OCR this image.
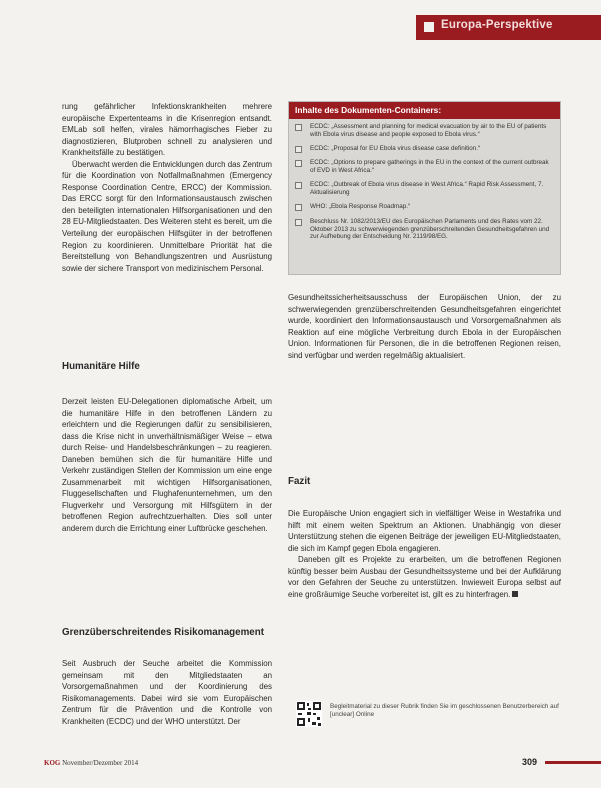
Europa-Perspektive

rung gefährlicher Infektionskrankheiten mehrere europäische Expertenteams in die Krisenregion entsandt. EMLab soll helfen, virales hämorrhagisches Fieber zu diagnostizieren, Blutproben schnell zu analysieren und Krankheitsfälle zu bestätigen.

Überwacht werden die Entwicklungen durch das Zentrum für die Koordination von Notfallmaßnahmen (Emergency Response Coordination Centre, ERCC) der Kommission. Das ERCC sorgt für den Informationsaustausch zwischen den beteiligten internationalen Hilfsorganisationen und den 28 EU-Mitgliedstaaten. Des Weiteren steht es bereit, um die Verteilung der europäischen Hilfsgüter in der betroffenen Region zu koordinieren. Unmittelbare Priorität hat die Bereitstellung von Behandlungszentren und Ausrüstung sowie der sichere Transport von medizinischem Personal.

Humanitäre Hilfe

Derzeit leisten EU-Delegationen diplomatische Arbeit, um die humanitäre Hilfe in den betroffenen Ländern zu erleichtern und die Regierungen dafür zu sensibilisieren, dass die Krise nicht in unverhältnismäßiger Weise – etwa durch Reise- und Handelsbeschränkungen – zu reagieren. Daneben bemühen sich die für humanitäre Hilfe und Verkehr zuständigen Stellen der Kommission um eine enge Zusammenarbeit mit wichtigen Hilfsorganisationen, Fluggesellschaften und Flughafenunternehmen, um den Flugverkehr und Versorgung mit Hilfsgütern in der betroffenen Region aufrechtzuerhalten. Dies soll unter anderem durch die Errichtung einer Luftbrücke geschehen.

Grenzüberschreitendes Risikomanagement

Seit Ausbruch der Seuche arbeitet die Kommission gemeinsam mit den Mitgliedstaaten an Vorsorgemaßnahmen und der Koordinierung des Risikomanagements. Dabei wird sie vom Europäischen Zentrum für die Prävention und die Kontrolle von Krankheiten (ECDC) und der WHO unterstützt. Der

Inhalte des Dokumenten-Containers:
ECDC: „Assessment and planning for medical evacuation by air to the EU of patients with Ebola virus disease and people exposed to Ebola virus.“
ECDC: „Proposal for EU Ebola virus disease case definition.“
ECDC: „Options to prepare gatherings in the EU in the context of the current outbreak of EVD in West Africa.“
ECDC: „Outbreak of Ebola virus disease in West Africa.“ Rapid Risk Assessment, 7. Aktualisierung
WHO: „Ebola Response Roadmap.“
Beschluss Nr. 1082/2013/EU des Europäischen Parlaments und des Rates vom 22. Oktober 2013 zu schwerwiegenden grenzüberschreitenden Gesundheitsgefahren und zur Aufhebung der Entscheidung Nr. 2119/98/EG.

Gesundheitssicherheitsausschuss der Europäischen Union, der zu schwerwiegenden grenzüberschreitenden Gesundheitsgefahren eingerichtet wurde, koordiniert den Informationsaustausch und Vorsorgemaßnahmen als Reaktion auf eine mögliche Verbreitung durch Ebola in der Europäischen Union. Informationen für Personen, die in die betroffenen Regionen reisen, sind verfügbar und werden regelmäßig aktualisiert.

Fazit

Die Europäische Union engagiert sich in vielfältiger Weise in Westafrika und hilft mit einem weiten Spektrum an Aktionen. Unabhängig von dieser Unterstützung stehen die eigenen Beiträge der jeweiligen EU-Mitgliedstaaten, die sich im Kampf gegen Ebola engagieren.

Daneben gilt es Projekte zu erarbeiten, um die betroffenen Regionen künftig besser beim Ausbau der Gesundheitssysteme und bei der Aufklärung vor den Gefahren der Seuche zu unterstützen. Inwieweit Europa selbst auf eine großräumige Seuche vorbereitet ist, gilt es zu hinterfragen.

Begleitmaterial zu dieser Rubrik finden Sie im geschlossenen Benutzerbereich auf [unclear] Online
KOG November/Dezember 2014	309
